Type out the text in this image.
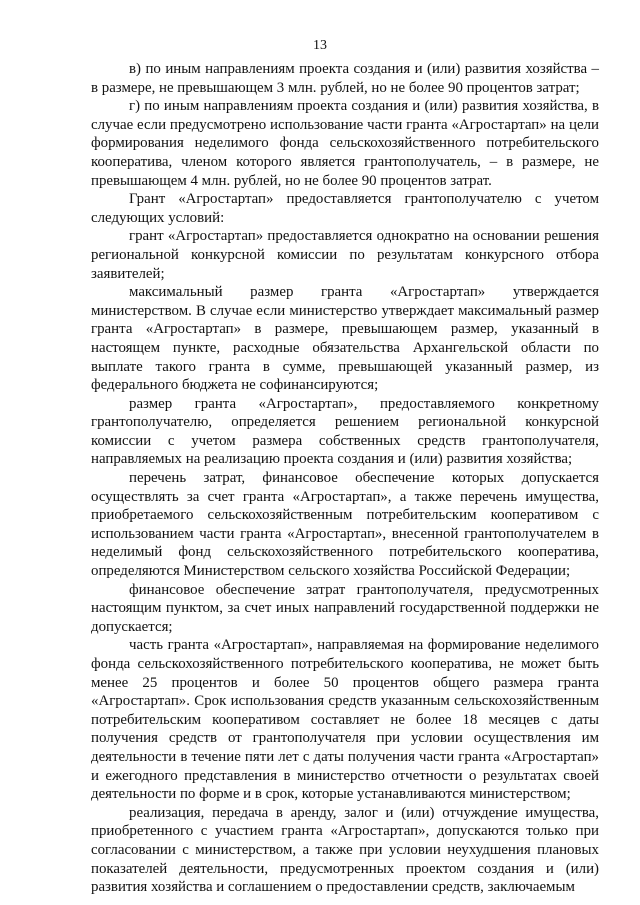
13

в) по иным направлениям проекта создания и (или) развития хозяйства – в размере, не превышающем 3 млн. рублей, но не более 90 процентов затрат;

г) по иным направлениям проекта создания и (или) развития хозяйства, в случае если предусмотрено использование части гранта «Агростартап» на цели формирования неделимого фонда сельскохозяйственного потребительского кооператива, членом которого является грантополучатель, – в размере, не превышающем 4 млн. рублей, но не более 90 процентов затрат.

Грант «Агростартап» предоставляется грантополучателю с учетом следующих условий:

грант «Агростартап» предоставляется однократно на основании решения региональной конкурсной комиссии по результатам конкурсного отбора заявителей;

максимальный размер гранта «Агростартап» утверждается министерством. В случае если министерство утверждает максимальный размер гранта «Агростартап» в размере, превышающем размер, указанный в настоящем пункте, расходные обязательства Архангельской области по выплате такого гранта в сумме, превышающей указанный размер, из федерального бюджета не софинансируются;

размер гранта «Агростартап», предоставляемого конкретному грантополучателю, определяется решением региональной конкурсной комиссии с учетом размера собственных средств грантополучателя, направляемых на реализацию проекта создания и (или) развития хозяйства;

перечень затрат, финансовое обеспечение которых допускается осуществлять за счет гранта «Агростартап», а также перечень имущества, приобретаемого сельскохозяйственным потребительским кооперативом с использованием части гранта «Агростартап», внесенной грантополучателем в неделимый фонд сельскохозяйственного потребительского кооператива, определяются Министерством сельского хозяйства Российской Федерации;

финансовое обеспечение затрат грантополучателя, предусмотренных настоящим пунктом, за счет иных направлений государственной поддержки не допускается;

часть гранта «Агростартап», направляемая на формирование неделимого фонда сельскохозяйственного потребительского кооператива, не может быть менее 25 процентов и более 50 процентов общего размера гранта «Агростартап». Срок использования средств указанным сельскохозяйственным потребительским кооперативом составляет не более 18 месяцев с даты получения средств от грантополучателя при условии осуществления им деятельности в течение пяти лет с даты получения части гранта «Агростартап» и ежегодного представления в министерство отчетности о результатах своей деятельности по форме и в срок, которые устанавливаются министерством;

реализация, передача в аренду, залог и (или) отчуждение имущества, приобретенного с участием гранта «Агростартап», допускаются только при согласовании с министерством, а также при условии неухудшения плановых показателей деятельности, предусмотренных проектом создания и (или) развития хозяйства и соглашением о предоставлении средств, заключаемым
